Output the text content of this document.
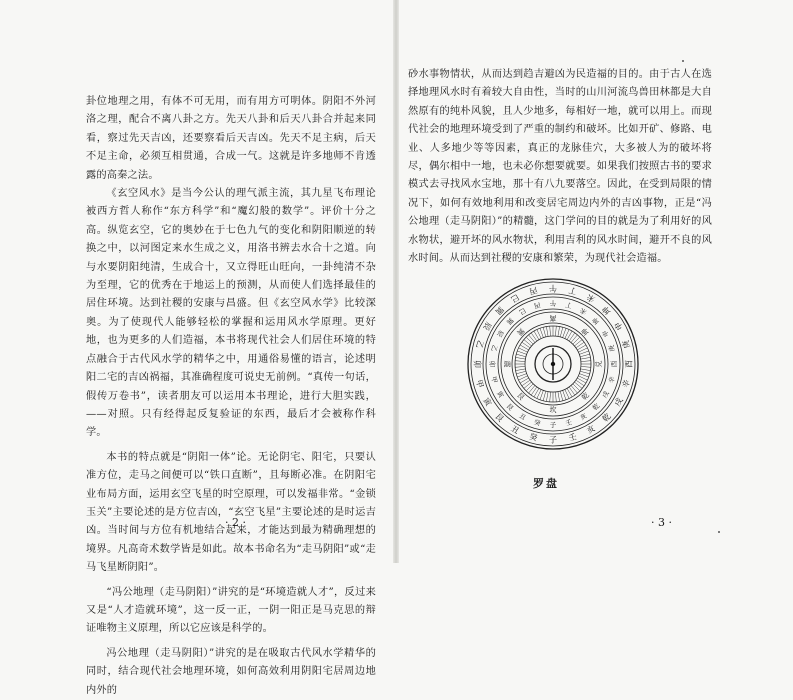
卦位地理之用，有体不可无用，而有用方可明体。阴阳不外河洛之理，配合不离八卦之方。先天八卦和后天八卦合并起来同看，察过先天吉凶，还要察看后天吉凶。先天不足主病，后天不足主命，必须互相贯通，合成一气。这就是许多地师不肯透露的高秦之法。

《玄空风水》是当今公认的理气派主流，其九星飞布理论被西方哲人称作“东方科学”和“魔幻般的数学”。评价十分之高。纵览玄空，它的奥妙在于七色九气的变化和阴阳顺逆的转换之中，以河图定来水生成之义，用洛书辨去水合十之道。向与水要阴阳纯清，生成合十，又立得旺山旺向，一卦纯清不杂为至理，它的优秀在于地运上的预测，从而使人们选择最佳的居住环境。达到社稷的安康与昌盛。但《玄空风水学》比较深奥。为了使现代人能够轻松的掌握和运用风水学原理。更好地，也为更多的人们造福，本书将现代社会人们居住环境的特点融合于古代风水学的精华之中，用通俗易懂的语言，论述明阳二宅的吉凶祸福，其准确程度可说史无前例。“真传一句话，假传万卷书”，读者朋友可以运用本书理论，进行大胆实践，——对照。只有经得起反复验证的东西，最后才会被称作科学。

本书的特点就是“阴阳一体”论。无论阴宅、阳宅，只要认准方位，走马之间便可以“铁口直断”，且每断必准。在阴阳宅业布局方面，运用玄空飞星的时空原理，可以发福非常。“金锁玉关”主要论述的是方位吉凶，“玄空飞星”主要论述的是时运吉凶。当时间与方位有机地结合起来，才能达到最为精确理想的境界。凡高奇术数学皆是如此。故本书命名为“走马阴阳”或“走马飞星断阴阳”。

“冯公地理（走马阴阳）”讲究的是“环境造就人才”，反过来又是“人才造就环境”，这一反一正，一阴一阳正是马克思的辩证唯物主义原理，所以它应该是科学的。

冯公地理（走马阴阳）”讲究的是在吸取古代风水学精华的同时，结合现代社会地理环境，如何高效利用阴阳宅居周边地内外的

· 2 ·

砂水事物情状，从而达到趋吉避凶为民造福的目的。由于古人在选择地理风水时有着较大自由性，当时的山川河流鸟兽田林都是大自然原有的纯朴风貌，且人少地多，每相好一地，就可以用上。而现代社会的地理环境受到了严重的制约和破坏。比如开矿、修路、电业、人多地少等等因素，真正的龙脉佳穴，大多被人为的破坏将尽，偶尔相中一地，也未必你想要就要。如果我们按照古书的要求模式去寻找风水宝地，那十有八九要落空。因此，在受到局限的情况下，如何有效地利用和改变居宅周边内外的吉凶事物，正是“冯公地理（走马阴阳）”的精髓，这门学问的目的就是为了利用好的风水物状，避开坏的风水物状，利用吉利的风水时间，避开不良的风水时间。从而达到社稷的安康和繁荣，为现代社会造福。

子
癸
丑
艮
寅
甲
卯
乙
辰
巽
巳
丙 午 丁
未
坤
申
庚
酉
辛
戌
乾
亥
壬
子
癸
丑
艮
寅
甲
卯
乙
辰
巽
巳
丙 午 丁
未
坤
申
庚
酉
辛
戌
乾
亥
壬
坎
艮
震
巽
离
坤
兑
乾
罗盘
· 3 ·
